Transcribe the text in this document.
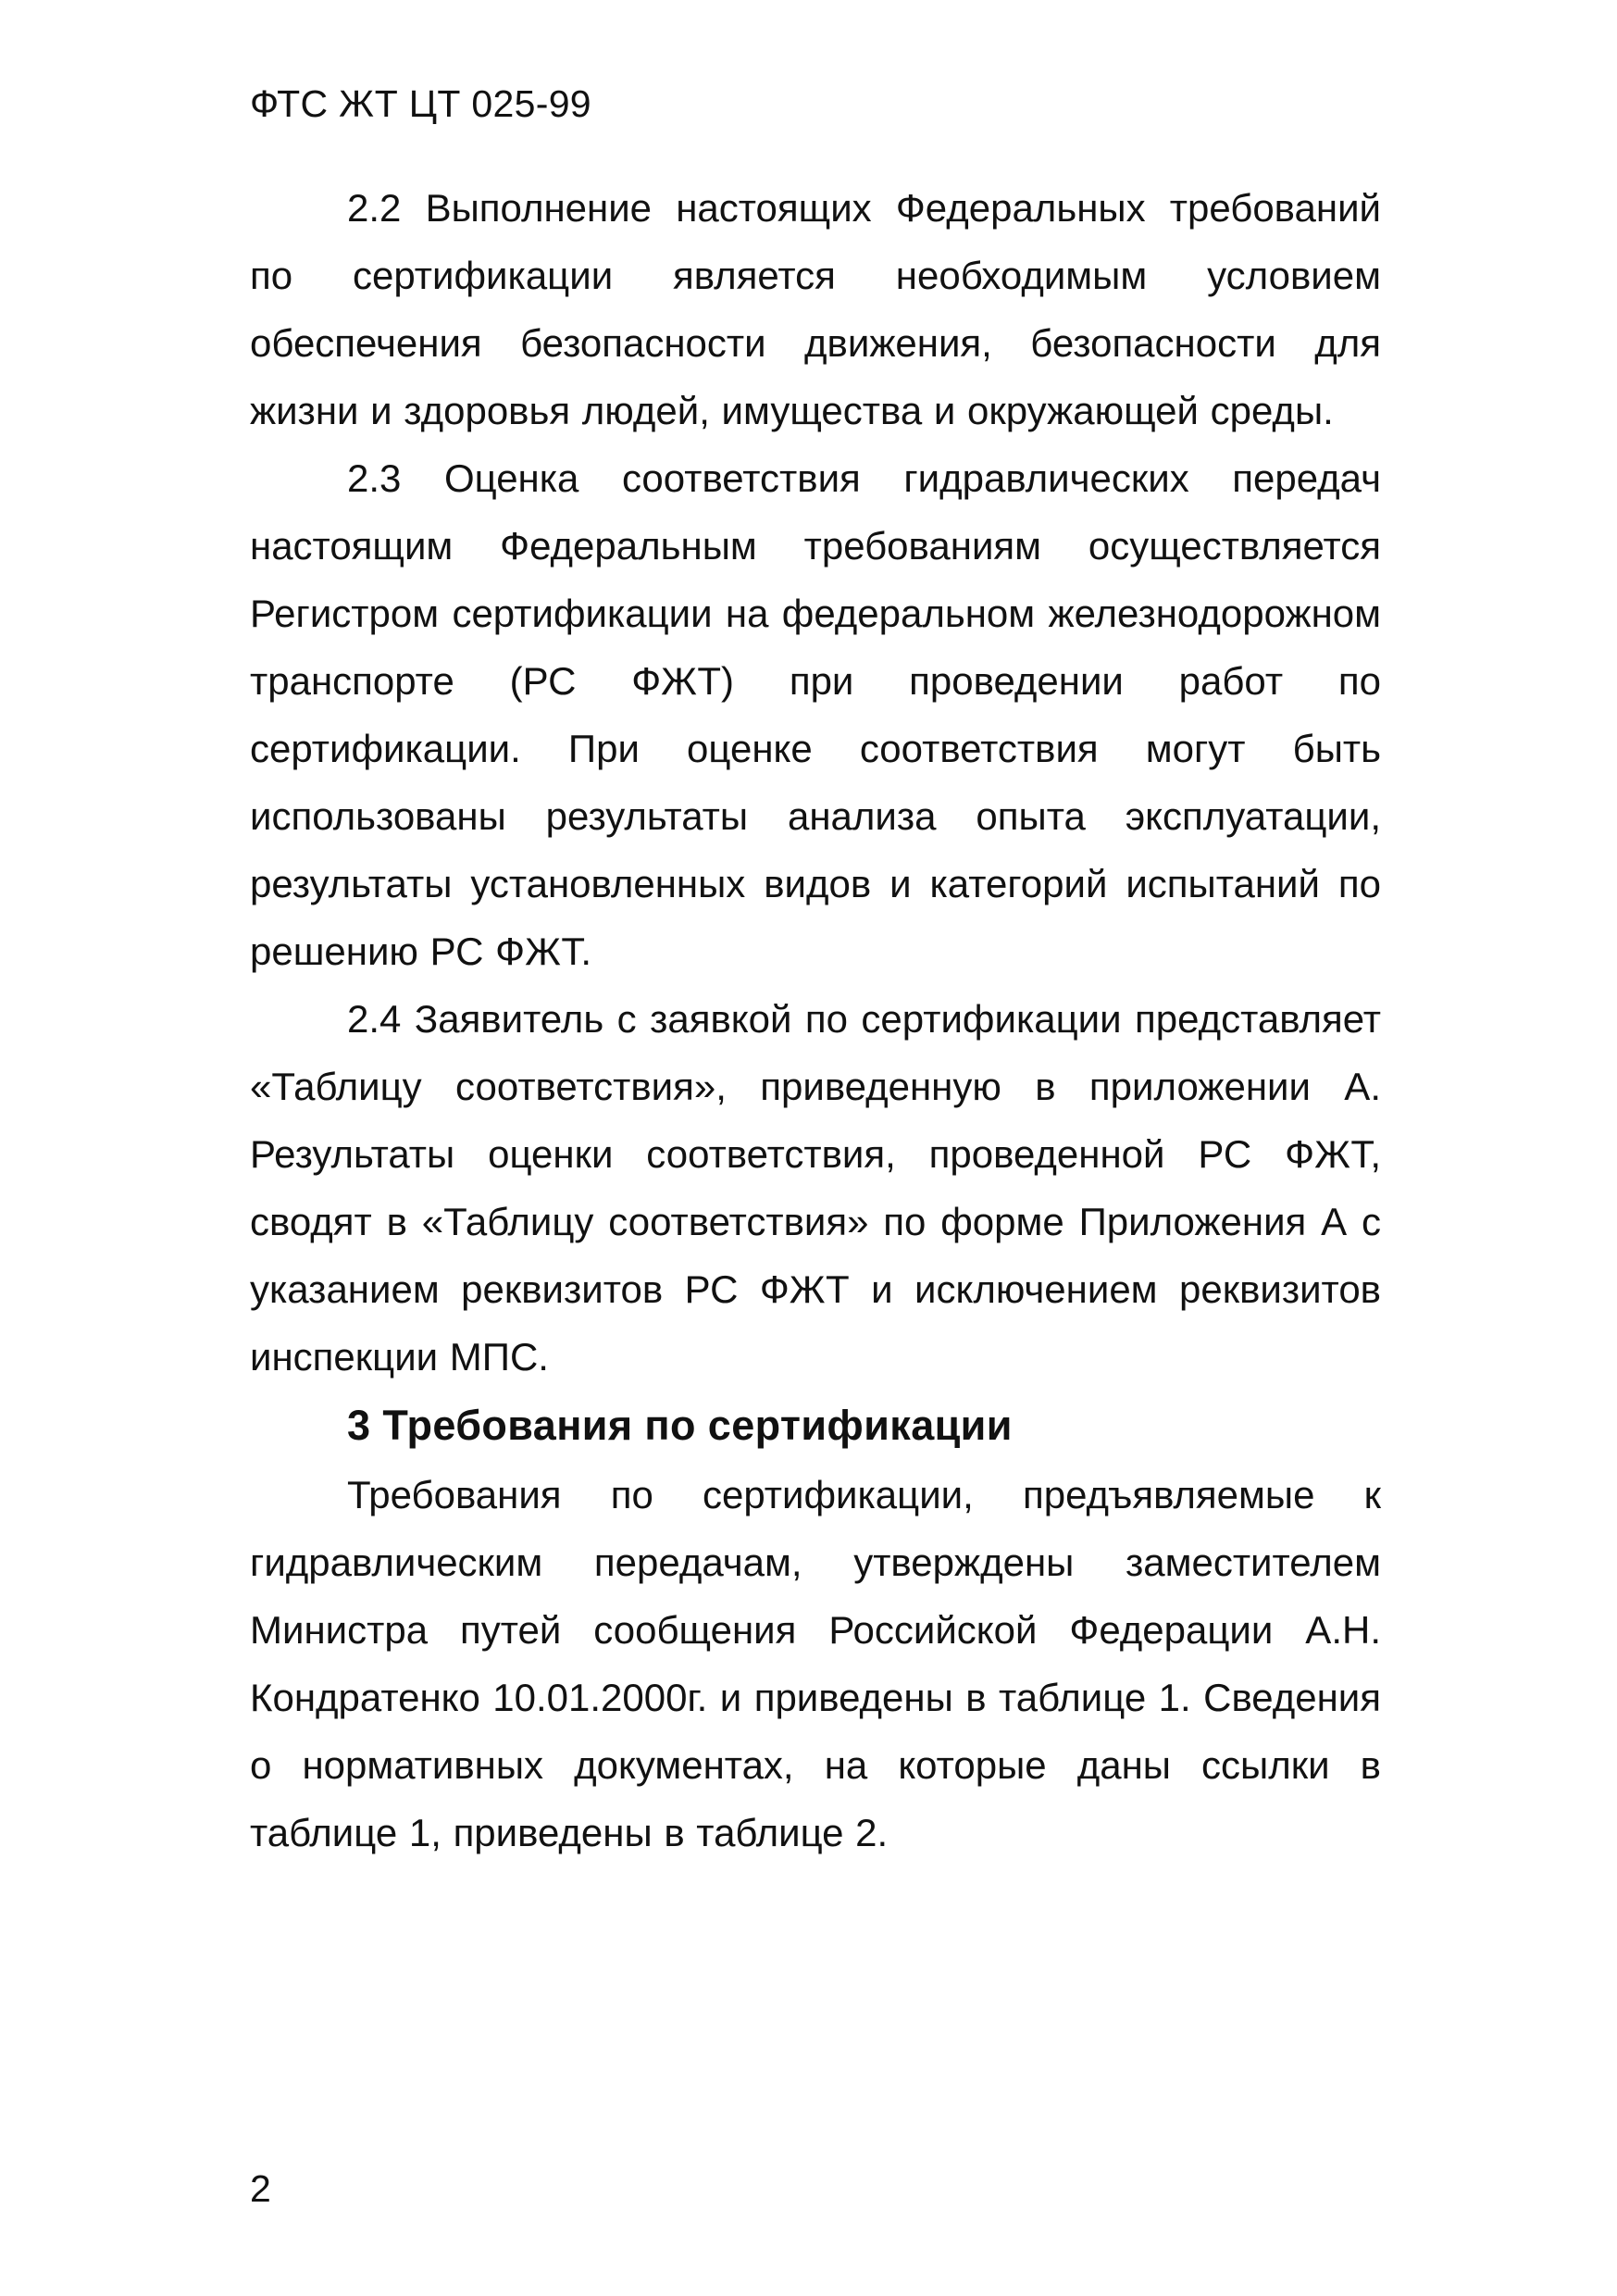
ФТС ЖТ ЦТ 025-99

2.2 Выполнение настоящих Федеральных требований по сертификации является необходимым условием обеспечения безопасности движения, безопасности для жизни и здоровья людей, имущества и окружающей среды.

2.3 Оценка соответствия гидравлических передач настоящим Федеральным требованиям осуществляется Регистром сертификации на федеральном железнодорожном транспорте (РС ФЖТ) при проведении работ по сертификации. При оценке соответствия могут быть использованы результаты анализа опыта эксплуатации, результаты установленных видов и категорий испытаний по решению РС ФЖТ.

2.4 Заявитель с заявкой по сертификации представляет «Таблицу соответствия», приведенную в приложении А. Результаты оценки соответствия, проведенной РС ФЖТ, сводят в «Таблицу соответствия» по форме Приложения А с указанием реквизитов РС ФЖТ и исключением реквизитов инспекции МПС.

3 Требования по сертификации

Требования по сертификации, предъявляемые к гидравлическим передачам, утверждены заместителем Министра путей сообщения Российской Федерации А.Н. Кондратенко 10.01.2000г. и приведены в таблице 1. Сведения о нормативных документах, на которые даны ссылки в таблице 1, приведены в таблице 2.

2
